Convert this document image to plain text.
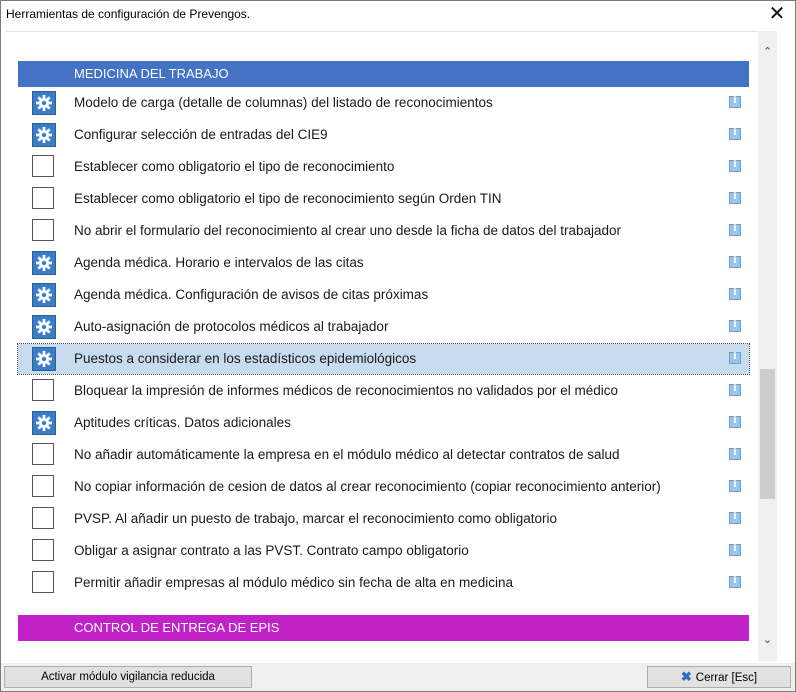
Herramientas de configuración de Prevengos.	✕
MEDICINA DEL TRABAJO
Modelo de carga (detalle de columnas) del listado de reconocimientos
i
Configurar selección de entradas del CIE9
i
Establecer como obligatorio el tipo de reconocimiento
i
Establecer como obligatorio el tipo de reconocimiento según Orden TIN
i
No abrir el formulario del reconocimiento al crear uno desde la ficha de datos del trabajador
i
Agenda médica. Horario e intervalos de las citas
i
Agenda médica. Configuración de avisos de citas próximas
i
Auto-asignación de protocolos médicos al trabajador
i
Puestos a considerar en los estadísticos epidemiológicos
i
Bloquear la impresión de informes médicos de reconocimientos no validados por el médico
i
Aptitudes críticas. Datos adicionales
i
No añadir automáticamente la empresa en el módulo médico al detectar contratos de salud
i
No copiar información de cesion de datos al crear reconocimiento (copiar reconocimiento anterior)
i
PVSP. Al añadir un puesto de trabajo, marcar el reconocimiento como obligatorio
i
Obligar a asignar contrato a las PVST. Contrato campo obligatorio
i
Permitir añadir empresas al módulo médico sin fecha de alta en medicina
i
CONTROL DE ENTREGA DE EPIS
⌃
⌄
Activar módulo vigilancia reducida	✖ Cerrar [Esc]
